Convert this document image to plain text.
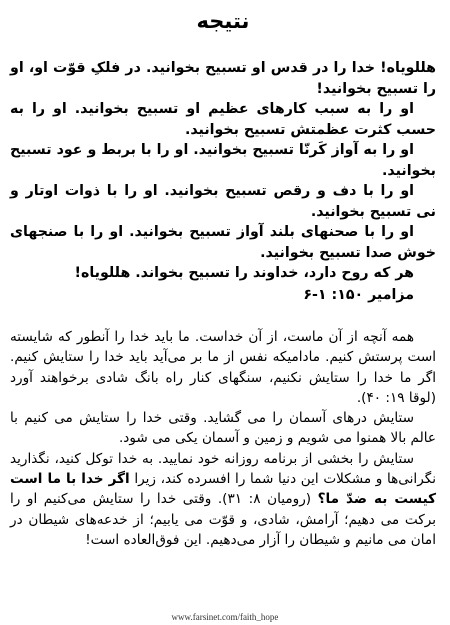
نتیجه

هللویاه! خدا را در قدس او تسبیح بخوانید. در فلکِ قوّت او، او را تسبیح بخوانید!

او را به سبب کارهای عظیم او تسبیح بخوانید. او را به حسب کثرت عظمتش تسبیح بخوانید.

او را به آواز کَرنّا تسبیح بخوانید. او را با بربط و عود تسبیح بخوانید.

او را با دف و رقص تسبیح بخوانید. او را با ذوات اوتار و نی تسبیح بخوانید.

او را با صحنهای بلند آواز تسبیح بخوانید. او را با صنجهای خوش صدا تسبیح بخوانید.

هر که روح دارد، خداوند را تسبیح بخواند. هللویاه!

مزامیر ۱۵۰: ۱-۶

همه آنچه از آن ماست، از آن خداست. ما باید خدا را آنطور که شایسته است پرستش کنیم. مادامیکه نفس از ما بر می‌آید باید خدا را ستایش کنیم. اگر ما خدا را ستایش نکنیم، سنگهای کنار راه بانگ شادی برخواهند آورد (لوقا ۱۹: ۴۰).

ستایش درهای آسمان را می گشاید. وقتی خدا را ستایش می کنیم با عالم بالا همنوا می شویم و زمین و آسمان یکی می شود.

ستایش را بخشی از برنامه روزانه خود نمایید. به خدا توکل کنید، نگذارید نگرانی‌ها و مشکلات این دنیا شما را افسرده کند، زیرا اگر خدا با ما است کیست به ضدّ ما؟ (رومیان ۸: ۳۱). وقتی خدا را ستایش می‌کنیم او را برکت می دهیم؛ آرامش، شادی، و قوّت می یابیم؛ از خدعه‌های شیطان در امان می مانیم و شیطان را آزار می‌دهیم. این فوق‌العاده است!

www.farsinet.com/faith_hope
